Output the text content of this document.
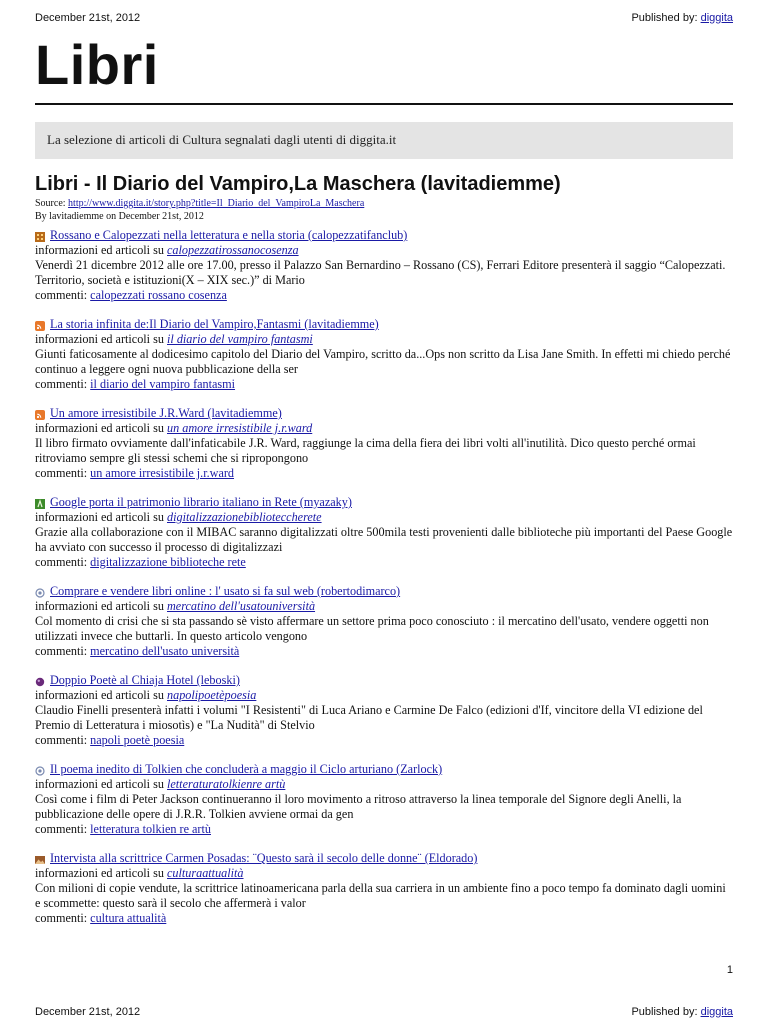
December 21st, 2012	Published by: diggita
Libri
La selezione di articoli di Cultura segnalati dagli utenti di diggita.it
Libri - Il Diario del Vampiro,La Maschera (lavitadiemme)
Source: http://www.diggita.it/story.php?title=Il_Diario_del_VampiroLa_Maschera
By lavitadiemme on December 21st, 2012
Rossano e Calopezzati nella letteratura e nella storia (calopezzatifanclub)
informazioni ed articoli su calopezzatirossanocosenza
Venerdì 21 dicembre 2012 alle ore 17.00, presso il Palazzo San Bernardino – Rossano (CS), Ferrari Editore presenterà il saggio “Calopezzati. Territorio, società e istituzioni(X – XIX sec.)” di Mario
commenti: calopezzati rossano cosenza
La storia infinita de:Il Diario del Vampiro,Fantasmi (lavitadiemme)
informazioni ed articoli su il diario del vampiro fantasmi
Giunti faticosamente al dodicesimo capitolo del Diario del Vampiro, scritto da...Ops non scritto da Lisa Jane Smith. In effetti mi chiedo perché continuo a leggere ogni nuova pubblicazione della ser
commenti: il diario del vampiro fantasmi
Un amore irresistibile J.R.Ward (lavitadiemme)
informazioni ed articoli su un amore irresistibile j.r.ward
Il libro firmato ovviamente dall'infaticabile J.R. Ward, raggiunge la cima della fiera dei libri volti all'inutilità. Dico questo perché ormai ritroviamo sempre gli stessi schemi che si ripropongono
commenti: un amore irresistibile j.r.ward
Google porta il patrimonio librario italiano in Rete (myazaky)
informazioni ed articoli su digitalizzazionebiblioteccherete
Grazie alla collaborazione con il MIBAC saranno digitalizzati oltre 500mila testi provenienti dalle biblioteche più importanti del Paese Google ha avviato con successo il processo di digitalizzazi
commenti: digitalizzazione biblioteche rete
Comprare e vendere libri online : l' usato si fa sul web (robertodimarco)
informazioni ed articoli su mercatino dell'usatouniversità
Col momento di crisi che si sta passando sè visto affermare un settore prima poco conosciuto : il mercatino dell'usato, vendere oggetti non utilizzati invece che buttarli. In questo articolo vengono
commenti: mercatino dell'usato università
Doppio Poetè al Chiaja Hotel (leboski)
informazioni ed articoli su napolipoetèpoesia
Claudio Finelli presenterà infatti i volumi "I Resistenti" di Luca Ariano e Carmine De Falco (edizioni d'If, vincitore della VI edizione del Premio di Letteratura i miosotìs) e "La Nudità" di Stelvio
commenti: napoli poetè poesia
Il poema inedito di Tolkien che concluderà a maggio il Ciclo arturiano (Zarlock)
informazioni ed articoli su letteraturatolkienre artù
Così come i film di Peter Jackson continueranno il loro movimento a ritroso attraverso la linea temporale del Signore degli Anelli, la pubblicazione delle opere di J.R.R. Tolkien avviene ormai da gen
commenti: letteratura tolkien re artù
Intervista alla scrittrice Carmen Posadas: ¨Questo sarà il secolo delle donne¨ (Eldorado)
informazioni ed articoli su culturaattualità
Con milioni di copie vendute, la scrittrice latinoamericana parla della sua carriera in un ambiente fino a poco tempo fa dominato dagli uomini e scommette: questo sarà il secolo che affermerà i valor
commenti: cultura attualità
1
December 21st, 2012	Published by: diggita
